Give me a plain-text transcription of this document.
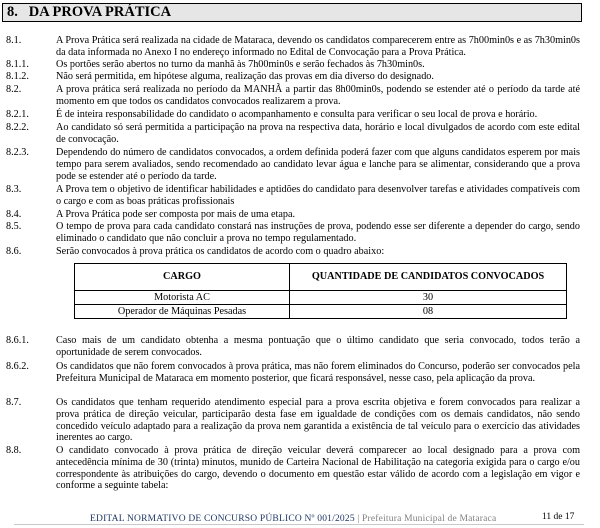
8. DA PROVA PRÁTICA
8.1.	A Prova Prática será realizada na cidade de Mataraca, devendo os candidatos comparecerem entre as 7h00min0s e as 7h30min0s da data informada no Anexo I no endereço informado no Edital de Convocação para a Prova Prática.
8.1.1.	Os portões serão abertos no turno da manhã às 7h00min0s e serão fechados às 7h30min0s.
8.1.2.	Não será permitida, em hipótese alguma, realização das provas em dia diverso do designado.
8.2.	A prova prática será realizada no período da MANHÃ a partir das 8h00min0s, podendo se estender até o período da tarde até momento em que todos os candidatos convocados realizarem a prova.
8.2.1.	É de inteira responsabilidade do candidato o acompanhamento e consulta para verificar o seu local de prova e horário.
8.2.2.	Ao candidato só será permitida a participação na prova na respectiva data, horário e local divulgados de acordo com este edital de convocação.
8.2.3.	Dependendo do número de candidatos convocados, a ordem definida poderá fazer com que alguns candidatos esperem por mais tempo para serem avaliados, sendo recomendado ao candidato levar água e lanche para se alimentar, considerando que a prova pode se estender até o período da tarde.
8.3.	A Prova tem o objetivo de identificar habilidades e aptidões do candidato para desenvolver tarefas e atividades compatíveis com o cargo e com as boas práticas profissionais
8.4.	A Prova Prática pode ser composta por mais de uma etapa.
8.5.	O tempo de prova para cada candidato constará nas instruções de prova, podendo esse ser diferente a depender do cargo, sendo eliminado o candidato que não concluir a prova no tempo regulamentado.
8.6.	Serão convocados à prova prática os candidatos de acordo com o quadro abaixo:
CARGO	QUANTIDADE DE CANDIDATOS CONVOCADOS
Motorista AC	30
Operador de Máquinas Pesadas	08
8.6.1.	Caso mais de um candidato obtenha a mesma pontuação que o último candidato que seria convocado, todos terão a oportunidade de serem convocados.
8.6.2.	Os candidatos que não forem convocados à prova prática, mas não forem eliminados do Concurso, poderão ser convocados pela Prefeitura Municipal de Mataraca em momento posterior, que ficará responsável, nesse caso, pela aplicação da prova.
8.7.	Os candidatos que tenham requerido atendimento especial para a prova escrita objetiva e forem convocados para realizar a prova prática de direção veicular, participarão desta fase em igualdade de condições com os demais candidatos, não sendo concedido veículo adaptado para a realização da prova nem garantida a existência de tal veículo para o exercício das atividades inerentes ao cargo.
8.8.	O candidato convocado à prova prática de direção veicular deverá comparecer ao local designado para a prova com antecedência mínima de 30 (trinta) minutos, munido de Carteira Nacional de Habilitação na categoria exigida para o cargo e/ou correspondente às atribuições do cargo, devendo o documento em questão estar válido de acordo com a legislação em vigor e conforme a seguinte tabela:
EDITAL NORMATIVO DE CONCURSO PÚBLICO Nº 001/2025 | Prefeitura Municipal de Mataraca	11 de 17
